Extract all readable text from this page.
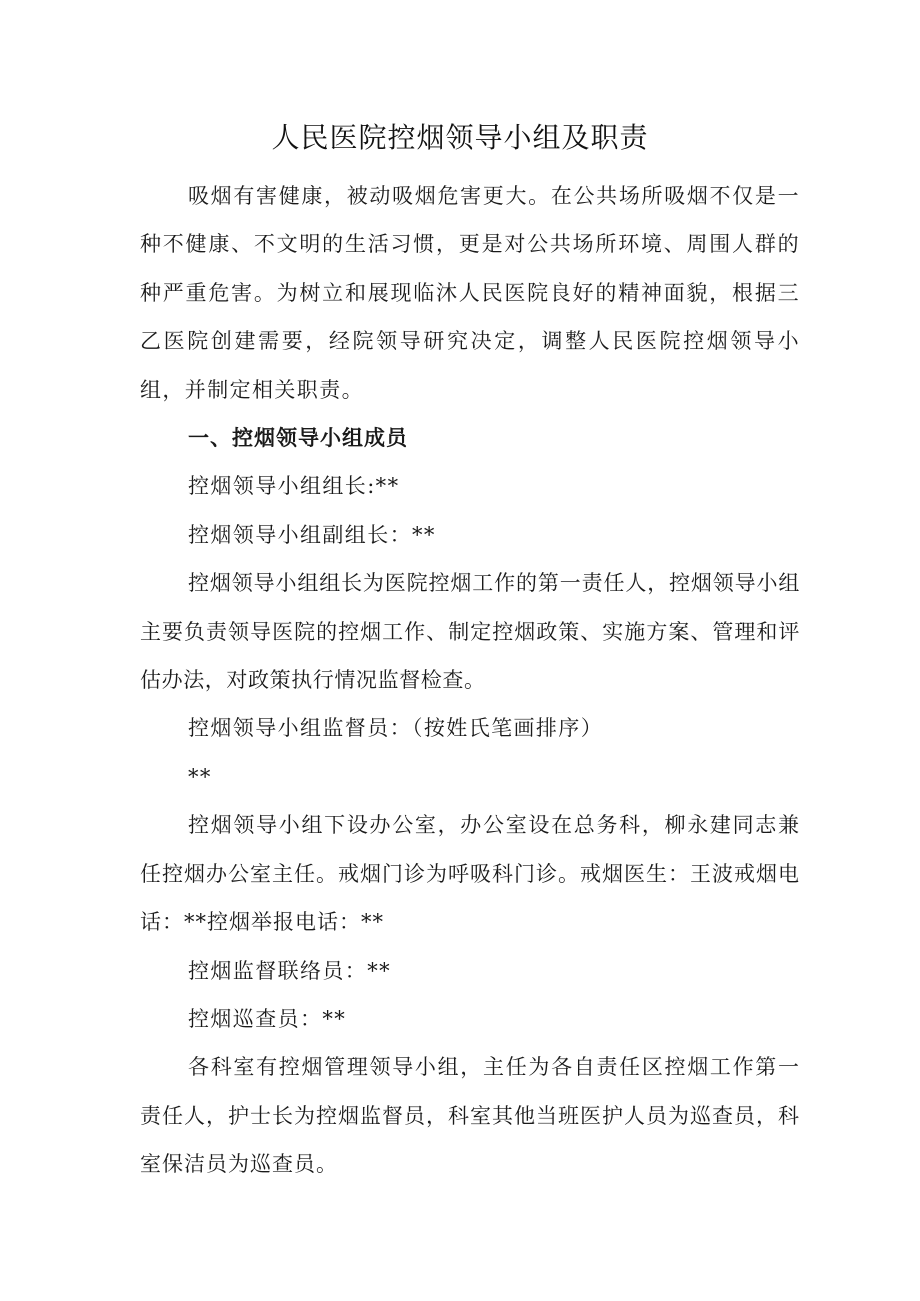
人民医院控烟领导小组及职责

吸烟有害健康，被动吸烟危害更大。在公共场所吸烟不仅是一种不健康、不文明的生活习惯，更是对公共场所环境、周围人群的种严重危害。为树立和展现临沐人民医院良好的精神面貌，根据三乙医院创建需要，经院领导研究决定，调整人民医院控烟领导小组，并制定相关职责。

一、控烟领导小组成员

控烟领导小组组长:**

控烟领导小组副组长：**

控烟领导小组组长为医院控烟工作的第一责任人，控烟领导小组主要负责领导医院的控烟工作、制定控烟政策、实施方案、管理和评估办法，对政策执行情况监督检查。

控烟领导小组监督员：（按姓氏笔画排序）

**

控烟领导小组下设办公室，办公室设在总务科，柳永建同志兼任控烟办公室主任。戒烟门诊为呼吸科门诊。戒烟医生：王波戒烟电话：**控烟举报电话：**

控烟监督联络员：**

控烟巡查员：**

各科室有控烟管理领导小组，主任为各自责任区控烟工作第一责任人，护士长为控烟监督员，科室其他当班医护人员为巡查员，科室保洁员为巡查员。
